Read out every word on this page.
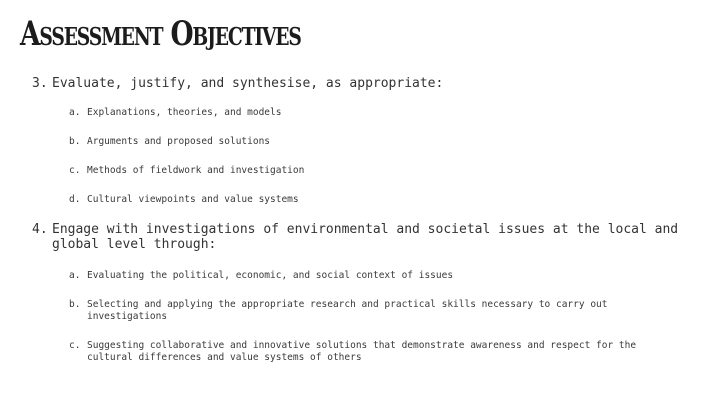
Assessment Objectives
3. Evaluate, justify, and synthesise, as appropriate:
a. Explanations, theories, and models
b. Arguments and proposed solutions
c. Methods of fieldwork and investigation
d. Cultural viewpoints and value systems
4. Engage with investigations of environmental and societal issues at the local and global level through:
a. Evaluating the political, economic, and social context of issues
b. Selecting and applying the appropriate research and practical skills necessary to carry out investigations
c. Suggesting collaborative and innovative solutions that demonstrate awareness and respect for the cultural differences and value systems of others
